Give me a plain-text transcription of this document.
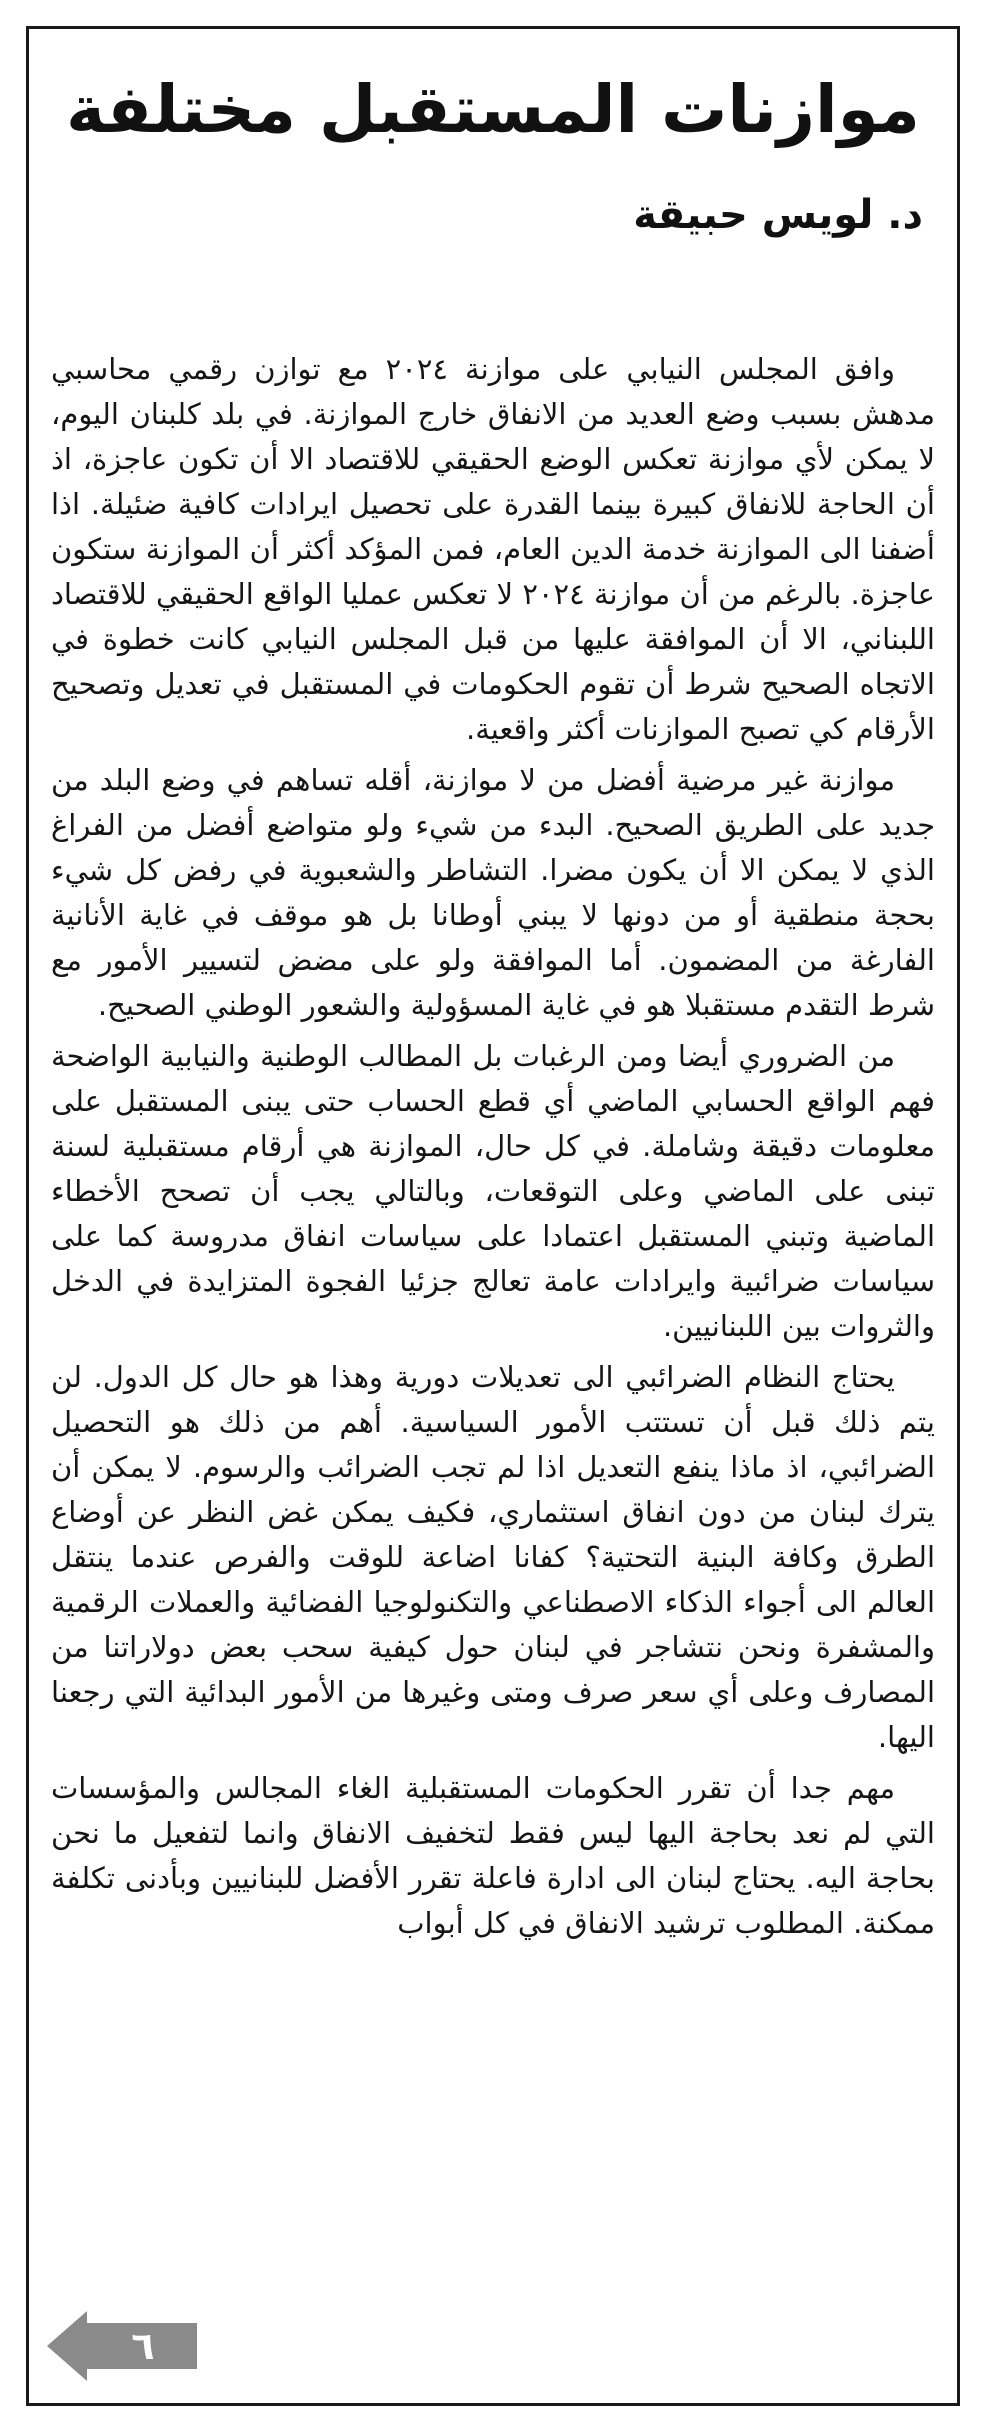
موازنات المستقبل مختلفة
د. لويس حبيقة

وافق المجلس النيابي على موازنة ٢٠٢٤ مع توازن رقمي محاسبي مدهش بسبب وضع العديد من الانفاق خارج الموازنة. في بلد كلبنان اليوم، لا يمكن لأي موازنة تعكس الوضع الحقيقي للاقتصاد الا أن تكون عاجزة، اذ أن الحاجة للانفاق كبيرة بينما القدرة على تحصيل ايرادات كافية ضئيلة. اذا أضفنا الى الموازنة خدمة الدين العام، فمن المؤكد أكثر أن الموازنة ستكون عاجزة. بالرغم من أن موازنة ٢٠٢٤ لا تعكس عمليا الواقع الحقيقي للاقتصاد اللبناني، الا أن الموافقة عليها من قبل المجلس النيابي كانت خطوة في الاتجاه الصحيح شرط أن تقوم الحكومات في المستقبل في تعديل وتصحيح الأرقام كي تصبح الموازنات أكثر واقعية.

موازنة غير مرضية أفضل من لا موازنة، أقله تساهم في وضع البلد من جديد على الطريق الصحيح. البدء من شيء ولو متواضع أفضل من الفراغ الذي لا يمكن الا أن يكون مضرا. التشاطر والشعبوية في رفض كل شيء بحجة منطقية أو من دونها لا يبني أوطانا بل هو موقف في غاية الأنانية الفارغة من المضمون. أما الموافقة ولو على مضض لتسيير الأمور مع شرط التقدم مستقبلا هو في غاية المسؤولية والشعور الوطني الصحيح.

من الضروري أيضا ومن الرغبات بل المطالب الوطنية والنيابية الواضحة فهم الواقع الحسابي الماضي أي قطع الحساب حتى يبنى المستقبل على معلومات دقيقة وشاملة. في كل حال، الموازنة هي أرقام مستقبلية لسنة تبنى على الماضي وعلى التوقعات، وبالتالي يجب أن تصحح الأخطاء الماضية وتبني المستقبل اعتمادا على سياسات انفاق مدروسة كما على سياسات ضرائبية وايرادات عامة تعالج جزئيا الفجوة المتزايدة في الدخل والثروات بين اللبنانيين.

يحتاج النظام الضرائبي الى تعديلات دورية وهذا هو حال كل الدول. لن يتم ذلك قبل أن تستتب الأمور السياسية. أهم من ذلك هو التحصيل الضرائبي، اذ ماذا ينفع التعديل اذا لم تجب الضرائب والرسوم. لا يمكن أن يترك لبنان من دون انفاق استثماري، فكيف يمكن غض النظر عن أوضاع الطرق وكافة البنية التحتية؟ كفانا اضاعة للوقت والفرص عندما ينتقل العالم الى أجواء الذكاء الاصطناعي والتكنولوجيا الفضائية والعملات الرقمية والمشفرة ونحن نتشاجر في لبنان حول كيفية سحب بعض دولاراتنا من المصارف وعلى أي سعر صرف ومتى وغيرها من الأمور البدائية التي رجعنا اليها.

مهم جدا أن تقرر الحكومات المستقبلية الغاء المجالس والمؤسسات التي لم نعد بحاجة اليها ليس فقط لتخفيف الانفاق وانما لتفعيل ما نحن بحاجة اليه. يحتاج لبنان الى ادارة فاعلة تقرر الأفضل للبنانيين وبأدنى تكلفة ممكنة. المطلوب ترشيد الانفاق في كل أبواب

٦
